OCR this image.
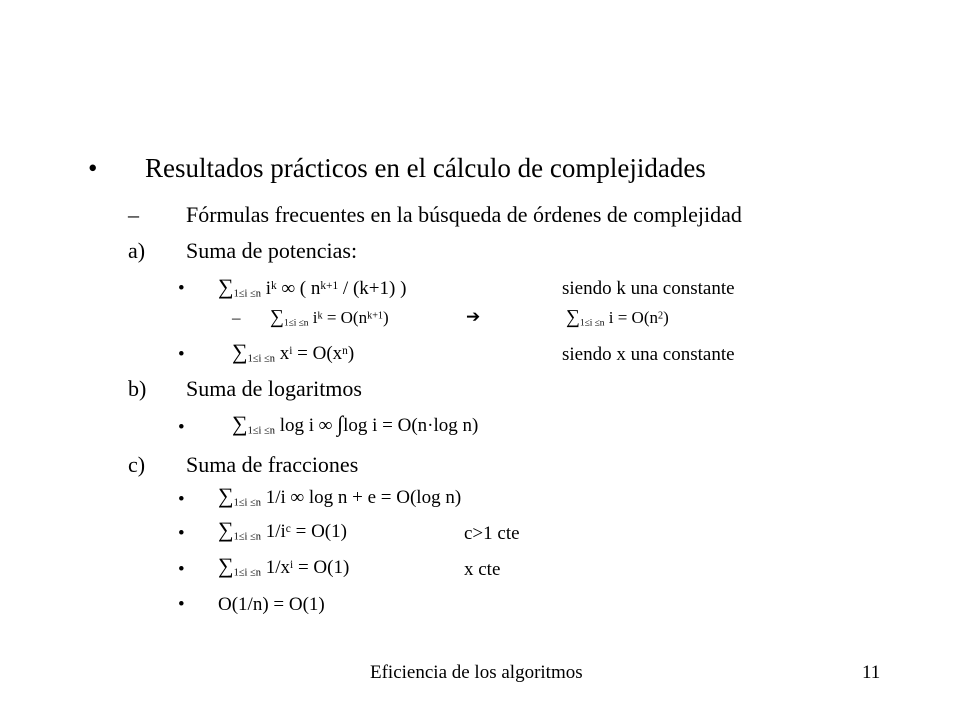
• Resultados prácticos en el cálculo de complejidades
– Fórmulas frecuentes en la búsqueda de órdenes de complejidad
a) Suma de potencias:
• $\sum_{1\le i \le n}$ $i^k$ ∞ ( $n^{k+1} / (k+1)$ )	siendo k una constante
– $\sum_{1\le i \le n}$ $i^k = O(n^{k+1})$	➔	$\sum_{1\le i \le n}$ $i = O(n^2)$
• $\sum_{1\le i \le n}$ $x^i = O(x^n)$	siendo x una constante
b) Suma de logaritmos
• $\sum_{1\le i \le n}$ log i ∞ ∫log i = O(n·log n)
c) Suma de fracciones
• $\sum_{1\le i \le n}$ 1/i ∞ log n + e = O(log n)
• $\sum_{1\le i \le n}$ $1/i^c = O(1)$	c>1 cte
• $\sum_{1\le i \le n}$ $1/x^i = O(1)$	x cte
• O(1/n) = O(1)
Eficiencia de los algoritmos	11
